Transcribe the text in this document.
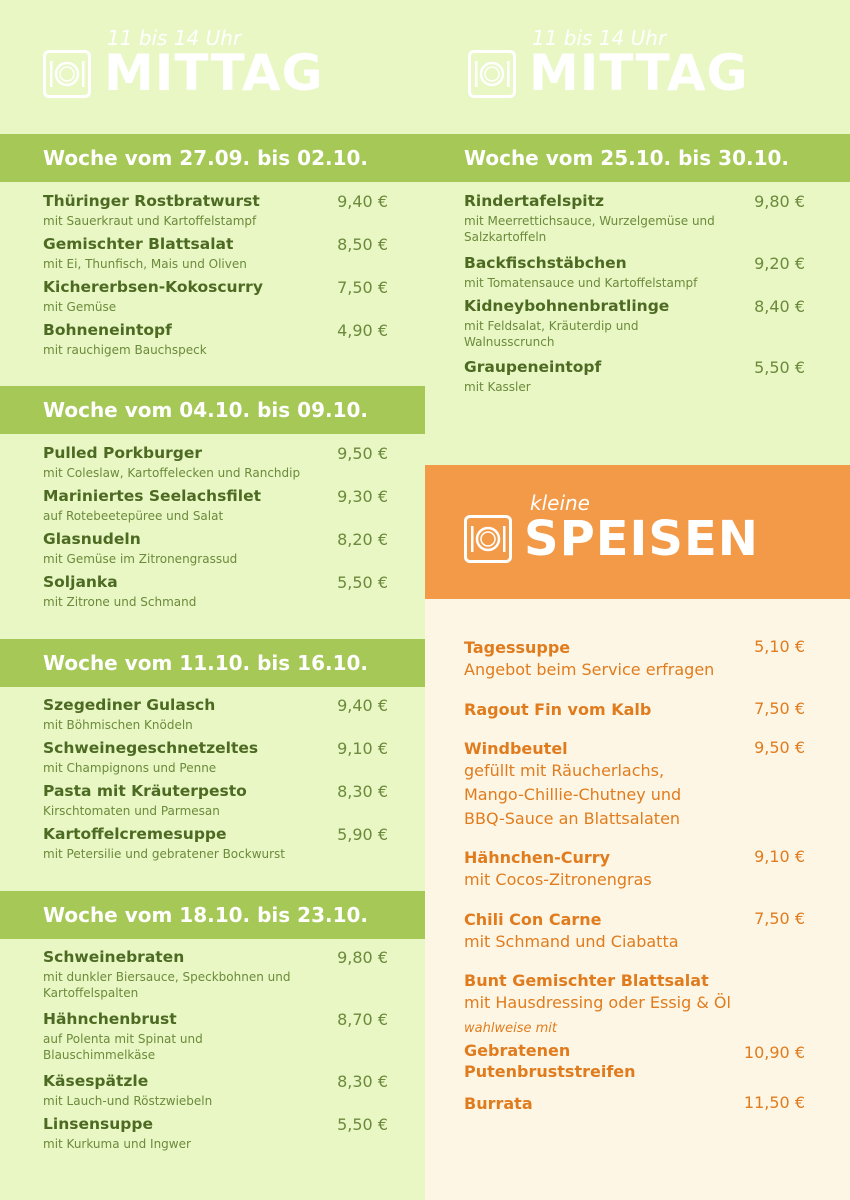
11 bis 14 Uhr
MITTAG
Woche vom 27.09. bis 02.10.
Thüringer Rostbratwurst
mit Sauerkraut und Kartoffelstampf
9,40 €
Gemischter Blattsalat
mit Ei, Thunfisch, Mais und Oliven
8,50 €
Kichererbsen-Kokoscurry
mit Gemüse
7,50 €
Bohneneintopf
mit rauchigem Bauchspeck
4,90 €
Woche vom 04.10. bis 09.10.
Pulled Porkburger
mit Coleslaw, Kartoffelecken und Ranchdip
9,50 €
Mariniertes Seelachsfilet
auf Rotebeetepüree und Salat
9,30 €
Glasnudeln
mit Gemüse im Zitronengrassud
8,20 €
Soljanka
mit Zitrone und Schmand
5,50 €
Woche vom 11.10. bis 16.10.
Szegediner Gulasch
mit Böhmischen Knödeln
9,40 €
Schweinegeschnetzeltes
mit Champignons und Penne
9,10 €
Pasta mit Kräuterpesto
Kirschtomaten und Parmesan
8,30 €
Kartoffelcremesuppe
mit Petersilie und gebratener Bockwurst
5,90 €
Woche vom 18.10. bis 23.10.
Schweinebraten
mit dunkler Biersauce, Speckbohnen und Kartoffelspalten
9,80 €
Hähnchenbrust
auf Polenta mit Spinat und Blauschimmelkäse
8,70 €
Käsespätzle
mit Lauch-und Röstzwiebeln
8,30 €
Linsensuppe
mit Kurkuma und Ingwer
5,50 €
11 bis 14 Uhr
MITTAG
Woche vom 25.10. bis 30.10.
Rindertafelspitz
mit Meerrettichsauce, Wurzelgemüse und Salzkartoffeln
9,80 €
Backfischstäbchen
mit Tomatensauce und Kartoffelstampf
9,20 €
Kidneybohnenbratlinge
mit Feldsalat, Kräuterdip und Walnusscrunch
8,40 €
Graupeneintopf
mit Kassler
5,50 €
kleine
SPEISEN
Tagessuppe
Angebot beim Service erfragen
5,10 €
Ragout Fin vom Kalb	7,50 €
Windbeutel
gefüllt mit Räucherlachs, Mango-Chillie-Chutney und BBQ-Sauce an Blattsalaten
9,50 €
Hähnchen-Curry
mit Cocos-Zitronengras
9,10 €
Chili Con Carne
mit Schmand und Ciabatta
7,50 €
Bunt Gemischter Blattsalat
mit Hausdressing oder Essig & Öl
wahlweise mit
Gebratenen Putenbruststreifen
10,90 €
Burrata	11,50 €
